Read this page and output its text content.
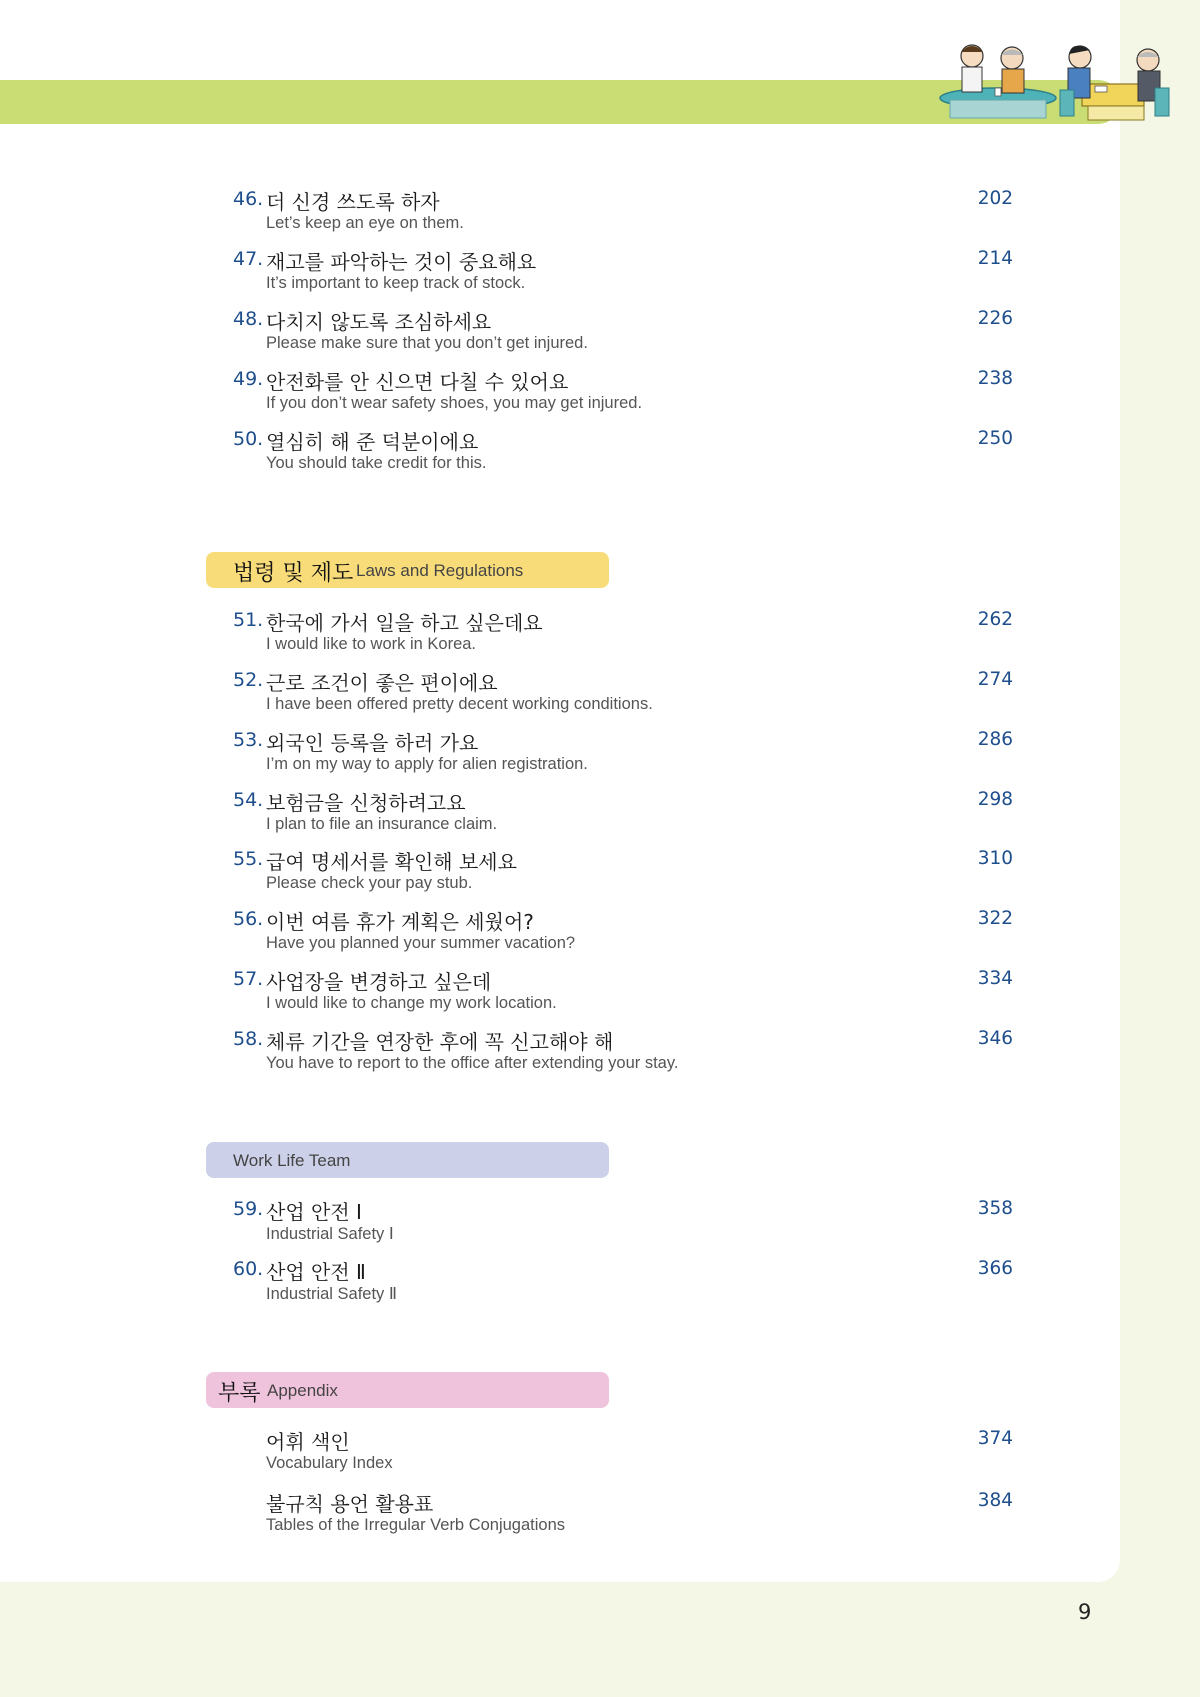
46. 더 신경 쓰도록 하자
Let’s keep an eye on them.
202
47. 재고를 파악하는 것이 중요해요
It’s important to keep track of stock.
214
48. 다치지 않도록 조심하세요
Please make sure that you don’t get injured.
226
49. 안전화를 안 신으면 다칠 수 있어요
If you don’t wear safety shoes, you may get injured.
238
50. 열심히 해 준 덕분이에요
You should take credit for this.
250
법령 및 제도 Laws and Regulations
51. 한국에 가서 일을 하고 싶은데요
I would like to work in Korea.
262
52. 근로 조건이 좋은 편이에요
I have been offered pretty decent working conditions.
274
53. 외국인 등록을 하러 가요
I’m on my way to apply for alien registration.
286
54. 보험금을 신청하려고요
I plan to file an insurance claim.
298
55. 급여 명세서를 확인해 보세요
Please check your pay stub.
310
56. 이번 여름 휴가 계획은 세웠어?
Have you planned your summer vacation?
322
57. 사업장을 변경하고 싶은데
I would like to change my work location.
334
58. 체류 기간을 연장한 후에 꼭 신고해야 해
You have to report to the office after extending your stay.
346
Work Life Team
59. 산업 안전 Ⅰ
Industrial Safety Ⅰ
358
60. 산업 안전 Ⅱ
Industrial Safety Ⅱ
366
부록 Appendix
어휘 색인
Vocabulary Index
374
불규칙 용언 활용표
Tables of the Irregular Verb Conjugations
384
9
